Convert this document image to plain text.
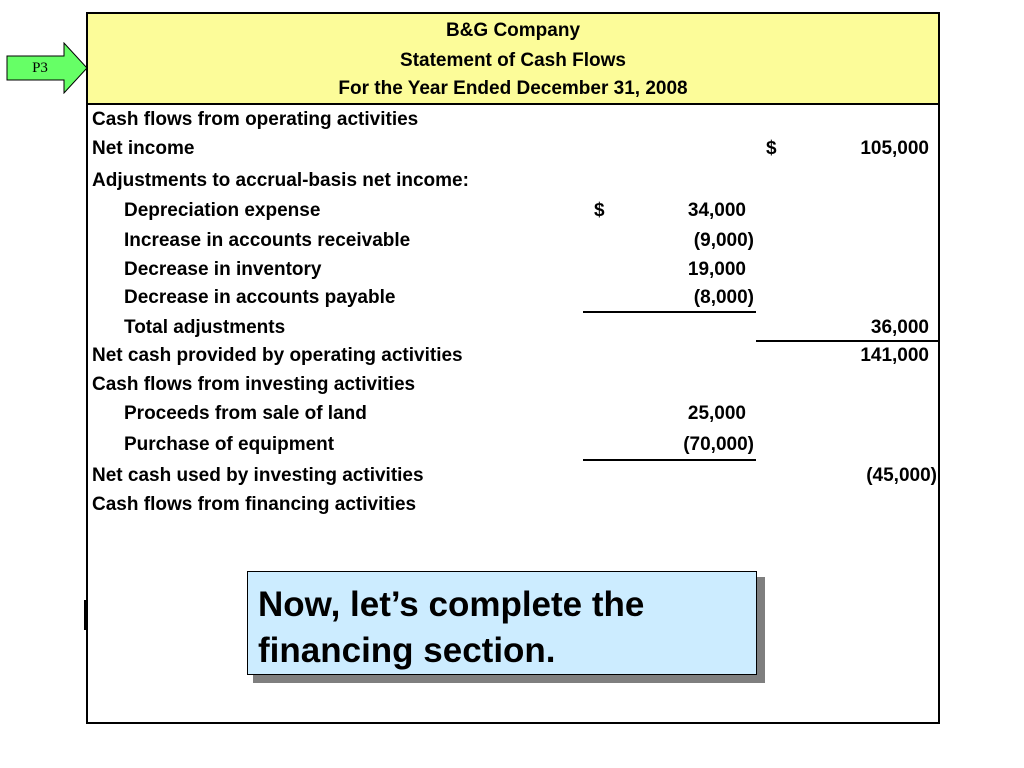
P3
B&G Company
Statement of Cash Flows
For the Year Ended December 31, 2008
Cash flows from operating activities
Net income	$	105,000
Adjustments to accrual-basis net income:
Depreciation expense	$	34,000
Increase in accounts receivable	(9,000)
Decrease in inventory	19,000
Decrease in accounts payable	(8,000)
Total adjustments	36,000
Net cash provided by operating activities	141,000
Cash flows from investing activities
Proceeds from sale of land	25,000
Purchase of equipment	(70,000)
Net cash used by investing activities	(45,000)
Cash flows from financing activities
Now, let’s complete the financing section.
